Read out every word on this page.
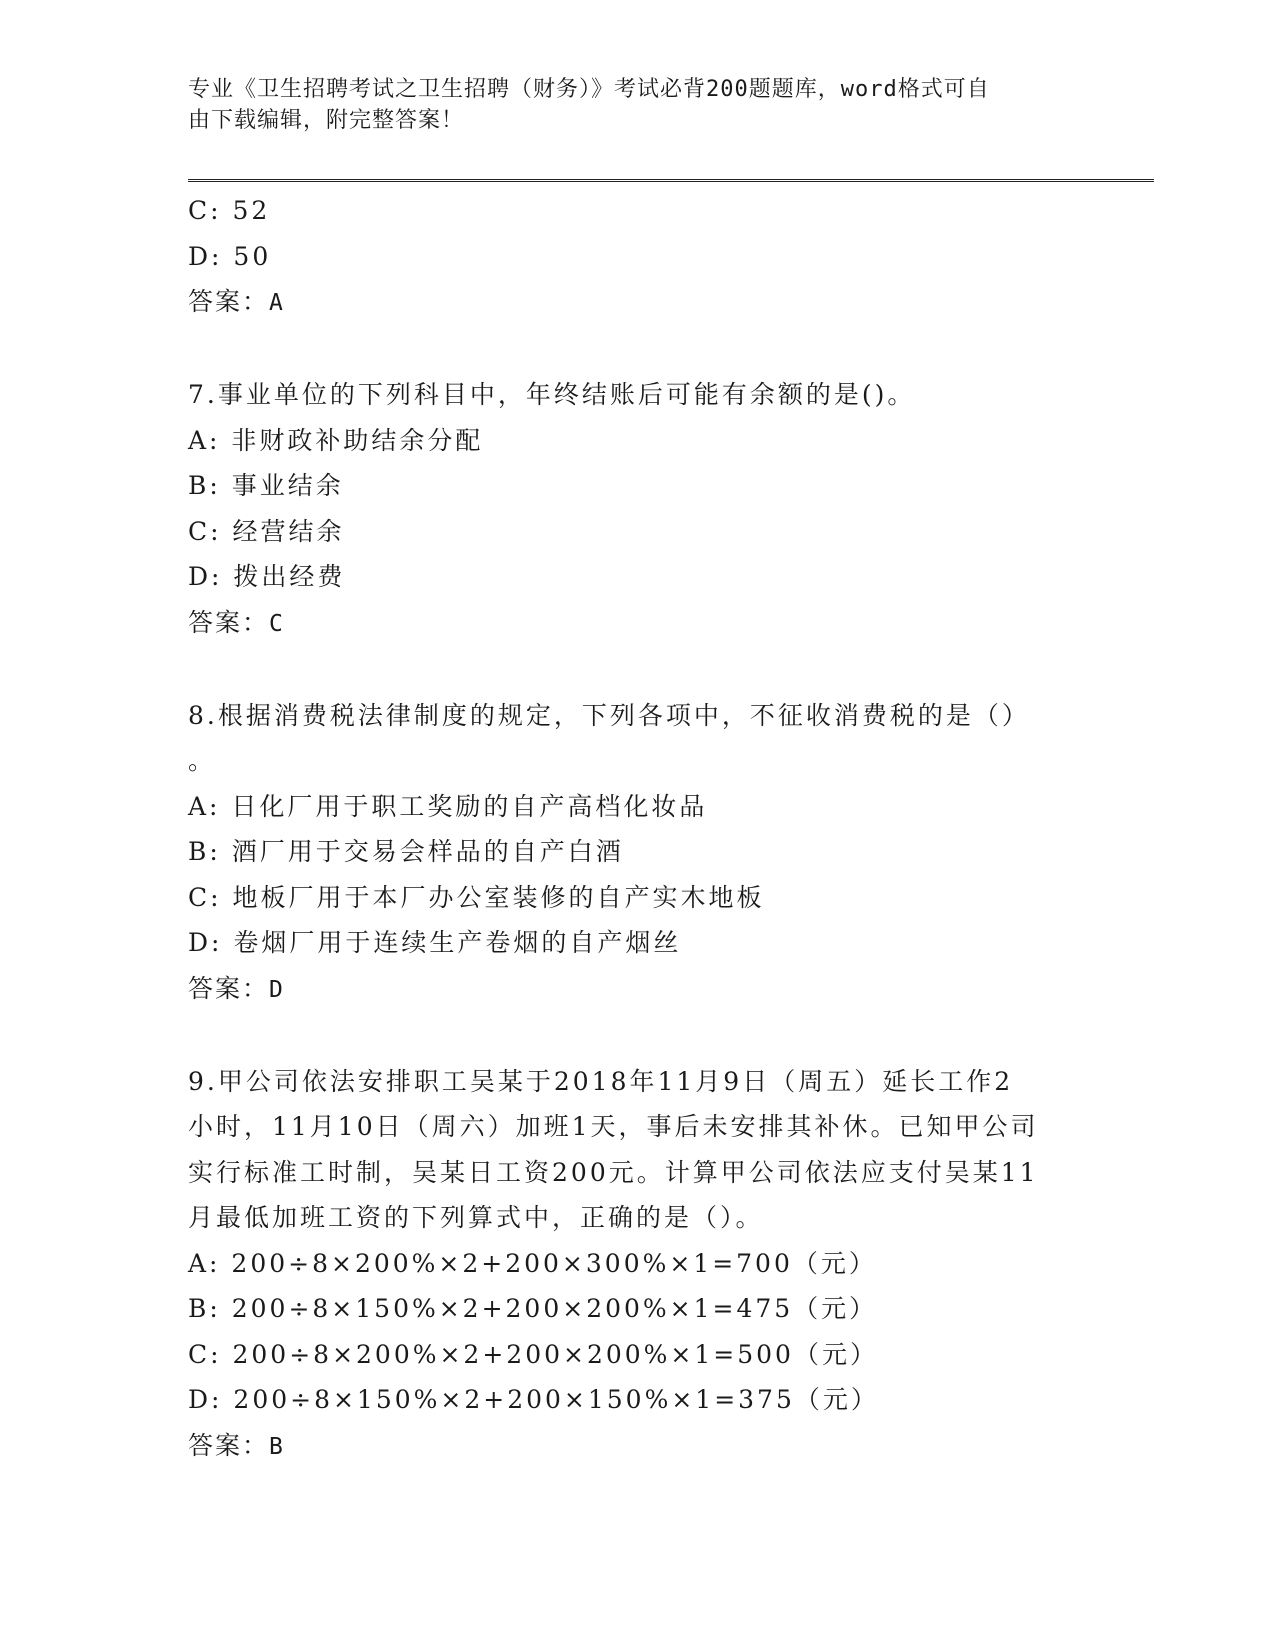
专业《卫生招聘考试之卫生招聘（财务）》考试必背200题题库，word格式可自
由下载编辑，附完整答案！
C: 52
D: 50
答案：A
7.事业单位的下列科目中，年终结账后可能有余额的是()。
A: 非财政补助结余分配
B: 事业结余
C: 经营结余
D: 拨出经费
答案：C
8.根据消费税法律制度的规定，下列各项中，不征收消费税的是（）
。
A: 日化厂用于职工奖励的自产高档化妆品
B: 酒厂用于交易会样品的自产白酒
C: 地板厂用于本厂办公室装修的自产实木地板
D: 卷烟厂用于连续生产卷烟的自产烟丝
答案：D
9.甲公司依法安排职工吴某于2018年11月9日（周五）延长工作2
小时，11月10日（周六）加班1天，事后未安排其补休。已知甲公司
实行标准工时制，吴某日工资200元。计算甲公司依法应支付吴某11
月最低加班工资的下列算式中，正确的是（）。
A: 200÷8×200%×2+200×300%×1=700（元）
B: 200÷8×150%×2+200×200%×1=475（元）
C: 200÷8×200%×2+200×200%×1=500（元）
D: 200÷8×150%×2+200×150%×1=375（元）
答案：B
